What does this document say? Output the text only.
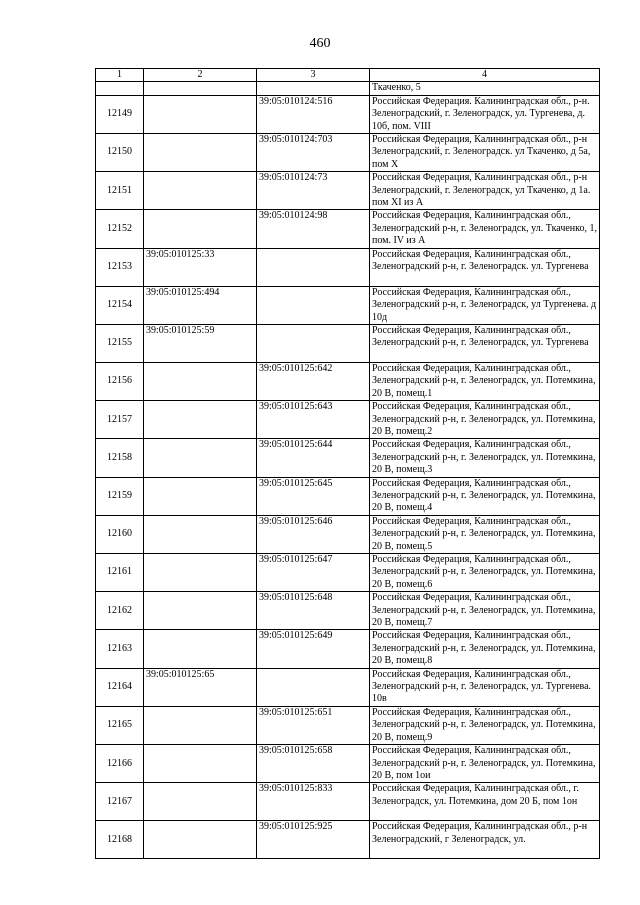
460
1	2	3	4
			Ткаченко, 5
12149		39:05:010124:516	Российская Федерация. Калининградская обл., р-н. Зеленоградский, г. Зеленоградск, ул. Тургенева, д. 10б, пом. VIII
12150		39:05:010124:703	Российская Федерация, Калининградская обл., р-н Зеленоградский, г. Зеленоградск. ул Ткаченко, д 5а, пом X
12151		39:05:010124:73	Российская Федерация, Калининградская обл., р-н Зеленоградский, г. Зеленоградск, ул Ткаченко, д 1а. пом XI из А
12152		39:05:010124:98	Российская Федерация, Калининградская обл., Зеленоградский р-н, г. Зеленоградск, ул. Ткаченко, 1, пом. IV из А
12153	39:05:010125:33		Российская Федерация, Калининградская обл., Зеленоградский р-н, г. Зеленоградск. ул. Тургенева
12154	39:05:010125:494		Российская Федерация, Калининградская обл., Зеленоградский р-н, г. Зеленоградск, ул Тургенева. д 10д
12155	39:05:010125:59		Российская Федерация, Калининградская обл., Зеленоградский р-н, г. Зеленоградск, ул. Тургенева
12156		39:05:010125:642	Российская Федерация, Калининградская обл., Зеленоградский р-н, г. Зеленоградск, ул. Потемкина, 20 В, помещ.1
12157		39:05:010125:643	Российская Федерация, Калининградская обл., Зеленоградский р-н, г. Зеленоградск, ул. Потемкина, 20 В, помещ.2
12158		39:05:010125:644	Российская Федерация, Калининградская обл., Зеленоградский р-н, г. Зеленоградск, ул. Потемкина, 20 В, помещ.3
12159		39:05:010125:645	Российская Федерация, Калининградская обл., Зеленоградский р-н, г. Зеленоградск, ул. Потемкина, 20 В, помещ.4
12160		39:05:010125:646	Российская Федерация, Калининградская обл., Зеленоградский р-н, г. Зеленоградск, ул. Потемкина, 20 В, помещ.5
12161		39:05:010125:647	Российская Федерация, Калининградская обл., Зеленоградский р-н, г. Зеленоградск, ул. Потемкина, 20 В, помещ.6
12162		39:05:010125:648	Российская Федерация, Калининградская обл., Зеленоградский р-н, г. Зеленоградск, ул. Потемкина, 20 В, помещ.7
12163		39:05:010125:649	Российская Федерация, Калининградская обл., Зеленоградский р-н, г. Зеленоградск, ул. Потемкина, 20 В, помещ.8
12164	39:05:010125:65		Российская Федерация, Калининградская обл., Зеленоградский р-н, г. Зеленоградск, ул. Тургенева. 10в
12165		39:05:010125:651	Российская Федерация, Калининградская обл., Зеленоградский р-н, г. Зеленоградск, ул. Потемкина, 20 В, помещ.9
12166		39:05:010125:658	Российская Федерация, Калининградская обл., Зеленоградский р-н, г. Зеленоградск, ул. Потемкина, 20 В, пом 1ои
12167		39:05:010125:833	Российская Федерация, Калининградская обл., г. Зеленоградск, ул. Потемкина, дом 20 Б, пом 1он
12168		39:05:010125:925	Российская Федерация, Калининградская обл., р-н Зеленоградский, г Зеленоградск, ул.
